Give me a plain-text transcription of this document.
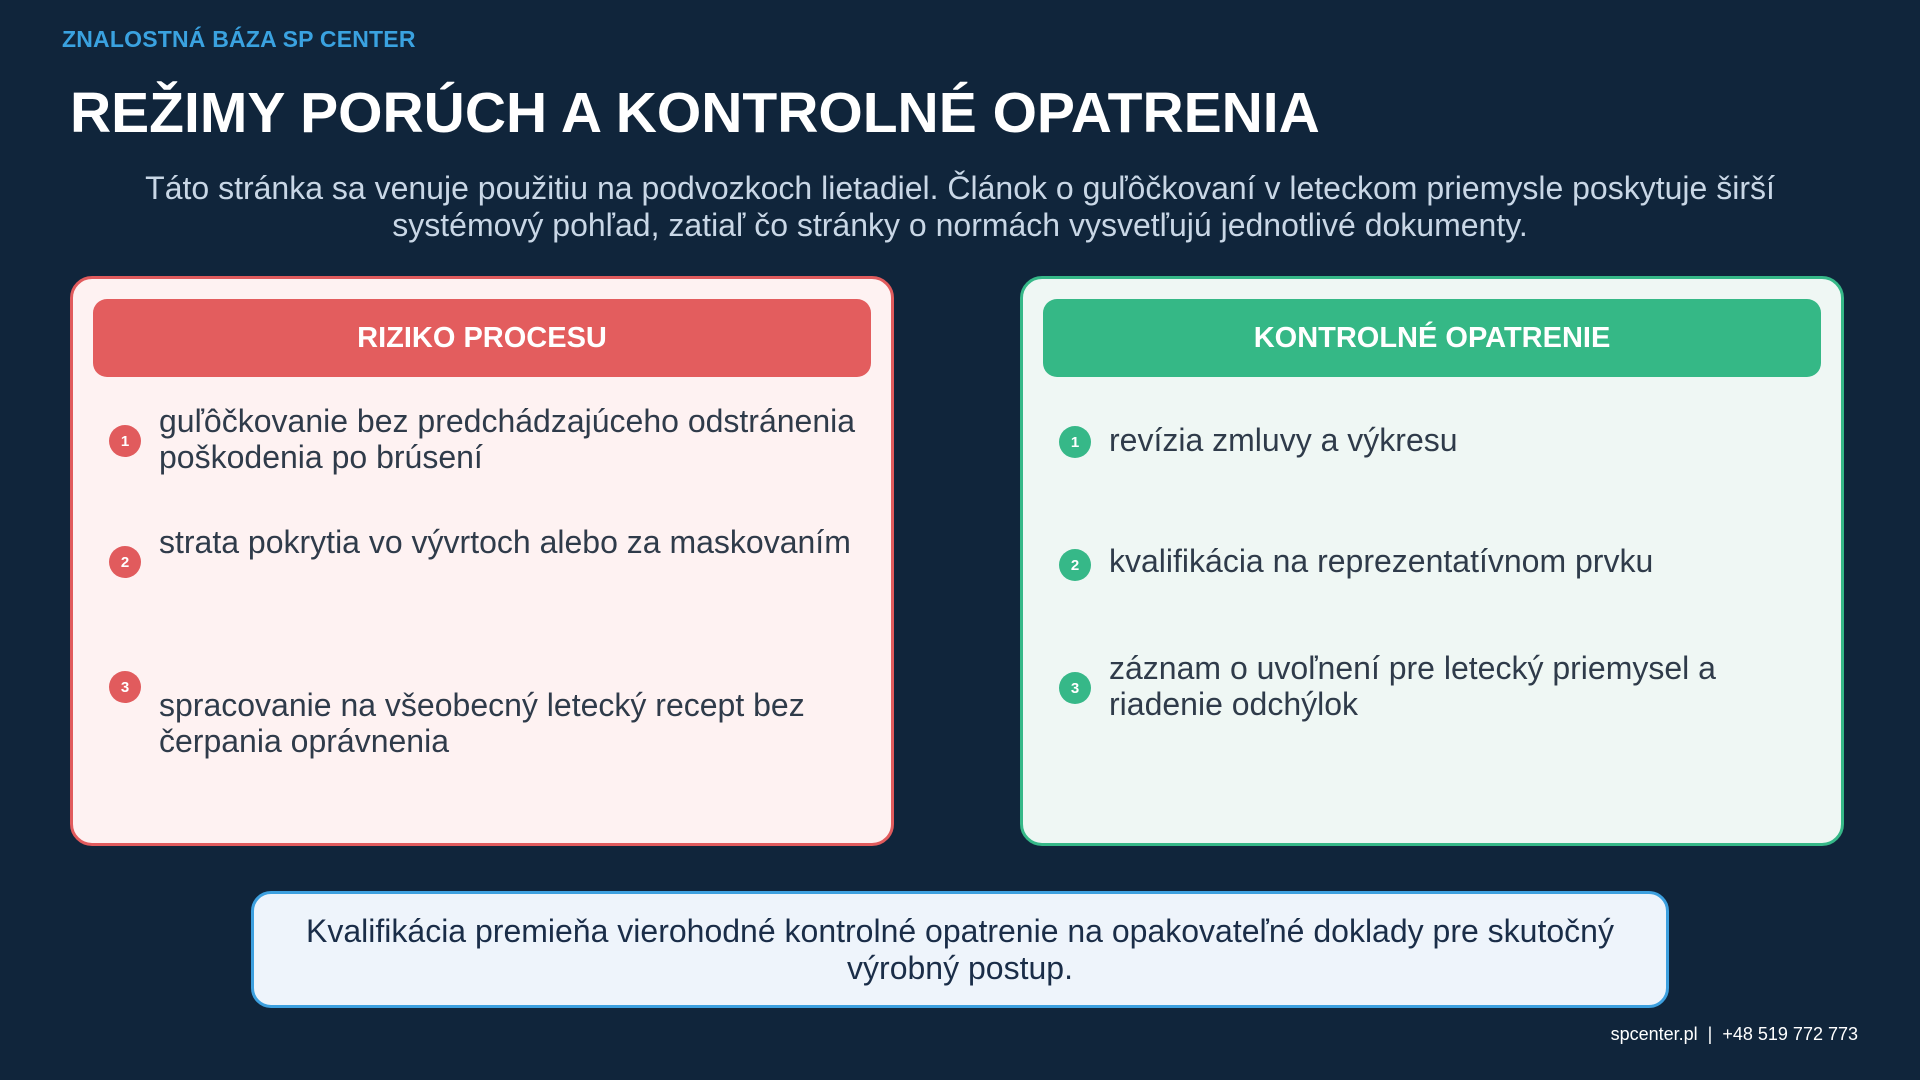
ZNALOSTNÁ BÁZA SP CENTER
REŽIMY PORÚCH A KONTROLNÉ OPATRENIA
Táto stránka sa venuje použitiu na podvozkoch lietadiel. Článok o guľôčkovaní v leteckom priemysle poskytuje širší systémový pohľad, zatiaľ čo stránky o normách vysvetľujú jednotlivé dokumenty.
RIZIKO PROCESU
1
guľôčkovanie bez predchádzajúceho odstránenia poškodenia po brúsení
2
strata pokrytia vo vývrtoch alebo za maskovaním
3 spracovanie na všeobecný letecký recept bez čerpania oprávnenia
KONTROLNÉ OPATRENIE
1 revízia zmluvy a výkresu
2 kvalifikácia na reprezentatívnom prvku
3
záznam o uvoľnení pre letecký priemysel a riadenie odchýlok
Kvalifikácia premieňa vierohodné kontrolné opatrenie na opakovateľné doklady pre skutočný výrobný postup.
spcenter.pl | +48 519 772 773
